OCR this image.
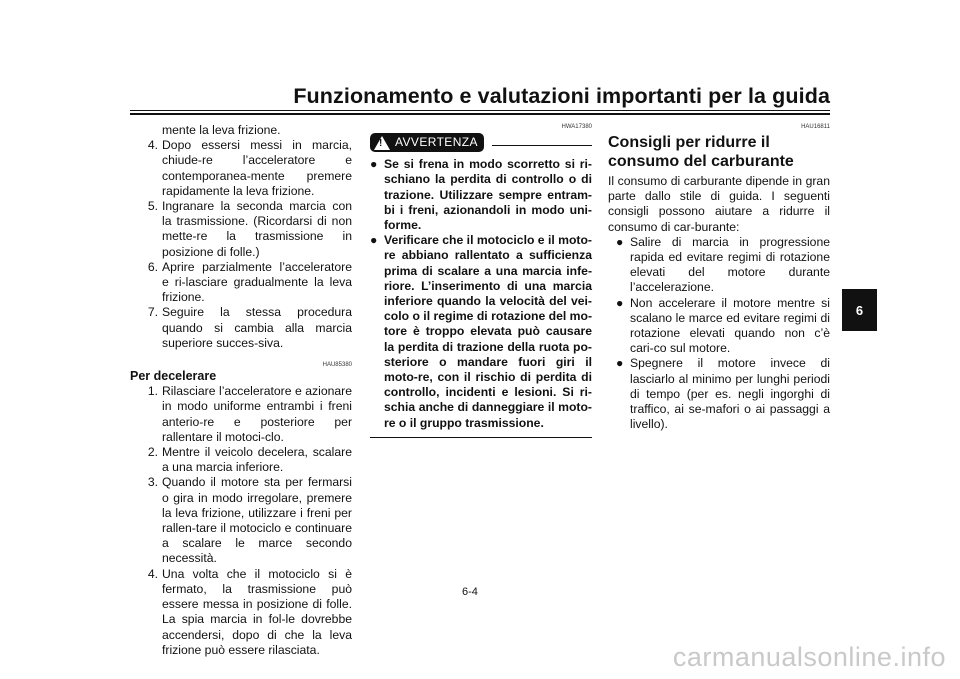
Funzionamento e valutazioni importanti per la guida
mente la leva frizione.
4. Dopo essersi messi in marcia, chiude-re l’acceleratore e contemporanea-mente premere rapidamente la leva frizione.
5. Ingranare la seconda marcia con la trasmissione. (Ricordarsi di non mette-re la trasmissione in posizione di folle.)
6. Aprire parzialmente l’acceleratore e ri-lasciare gradualmente la leva frizione.
7. Seguire la stessa procedura quando si cambia alla marcia superiore succes-siva.
HAU85380
Per decelerare
1. Rilasciare l’acceleratore e azionare in modo uniforme entrambi i freni anterio-re e posteriore per rallentare il motoci-clo.
2. Mentre il veicolo decelera, scalare a una marcia inferiore.
3. Quando il motore sta per fermarsi o gira in modo irregolare, premere la leva frizione, utilizzare i freni per rallen-tare il motociclo e continuare a scalare le marce secondo necessità.
4. Una volta che il motociclo si è fermato, la trasmissione può essere messa in posizione di folle. La spia marcia in fol-le dovrebbe accendersi, dopo di che la leva frizione può essere rilasciata.
HWA17380
! AVVERTENZA
● Se si frena in modo scorretto si ri-schiano la perdita di controllo o di trazione. Utilizzare sempre entram-bi i freni, azionandoli in modo uni-forme.
● Verificare che il motociclo e il moto-re abbiano rallentato a sufficienza prima di scalare a una marcia infe-riore. L’inserimento di una marcia inferiore quando la velocità del vei-colo o il regime di rotazione del mo-tore è troppo elevata può causare la perdita di trazione della ruota po-steriore o mandare fuori giri il moto-re, con il rischio di perdita di controllo, incidenti e lesioni. Si ri-schia anche di danneggiare il moto-re o il gruppo trasmissione.
HAU16811
Consigli per ridurre il consumo del carburante
Il consumo di carburante dipende in gran parte dallo stile di guida. I seguenti consigli possono aiutare a ridurre il consumo di car-burante:
● Salire di marcia in progressione rapida ed evitare regimi di rotazione elevati del motore durante l’accelerazione.
● Non accelerare il motore mentre si scalano le marce ed evitare regimi di rotazione elevati quando non c’è cari-co sul motore.
● Spegnere il motore invece di lasciarlo al minimo per lunghi periodi di tempo (per es. negli ingorghi di traffico, ai se-mafori o ai passaggi a livello).
6
6-4
carmanualsonline.info
